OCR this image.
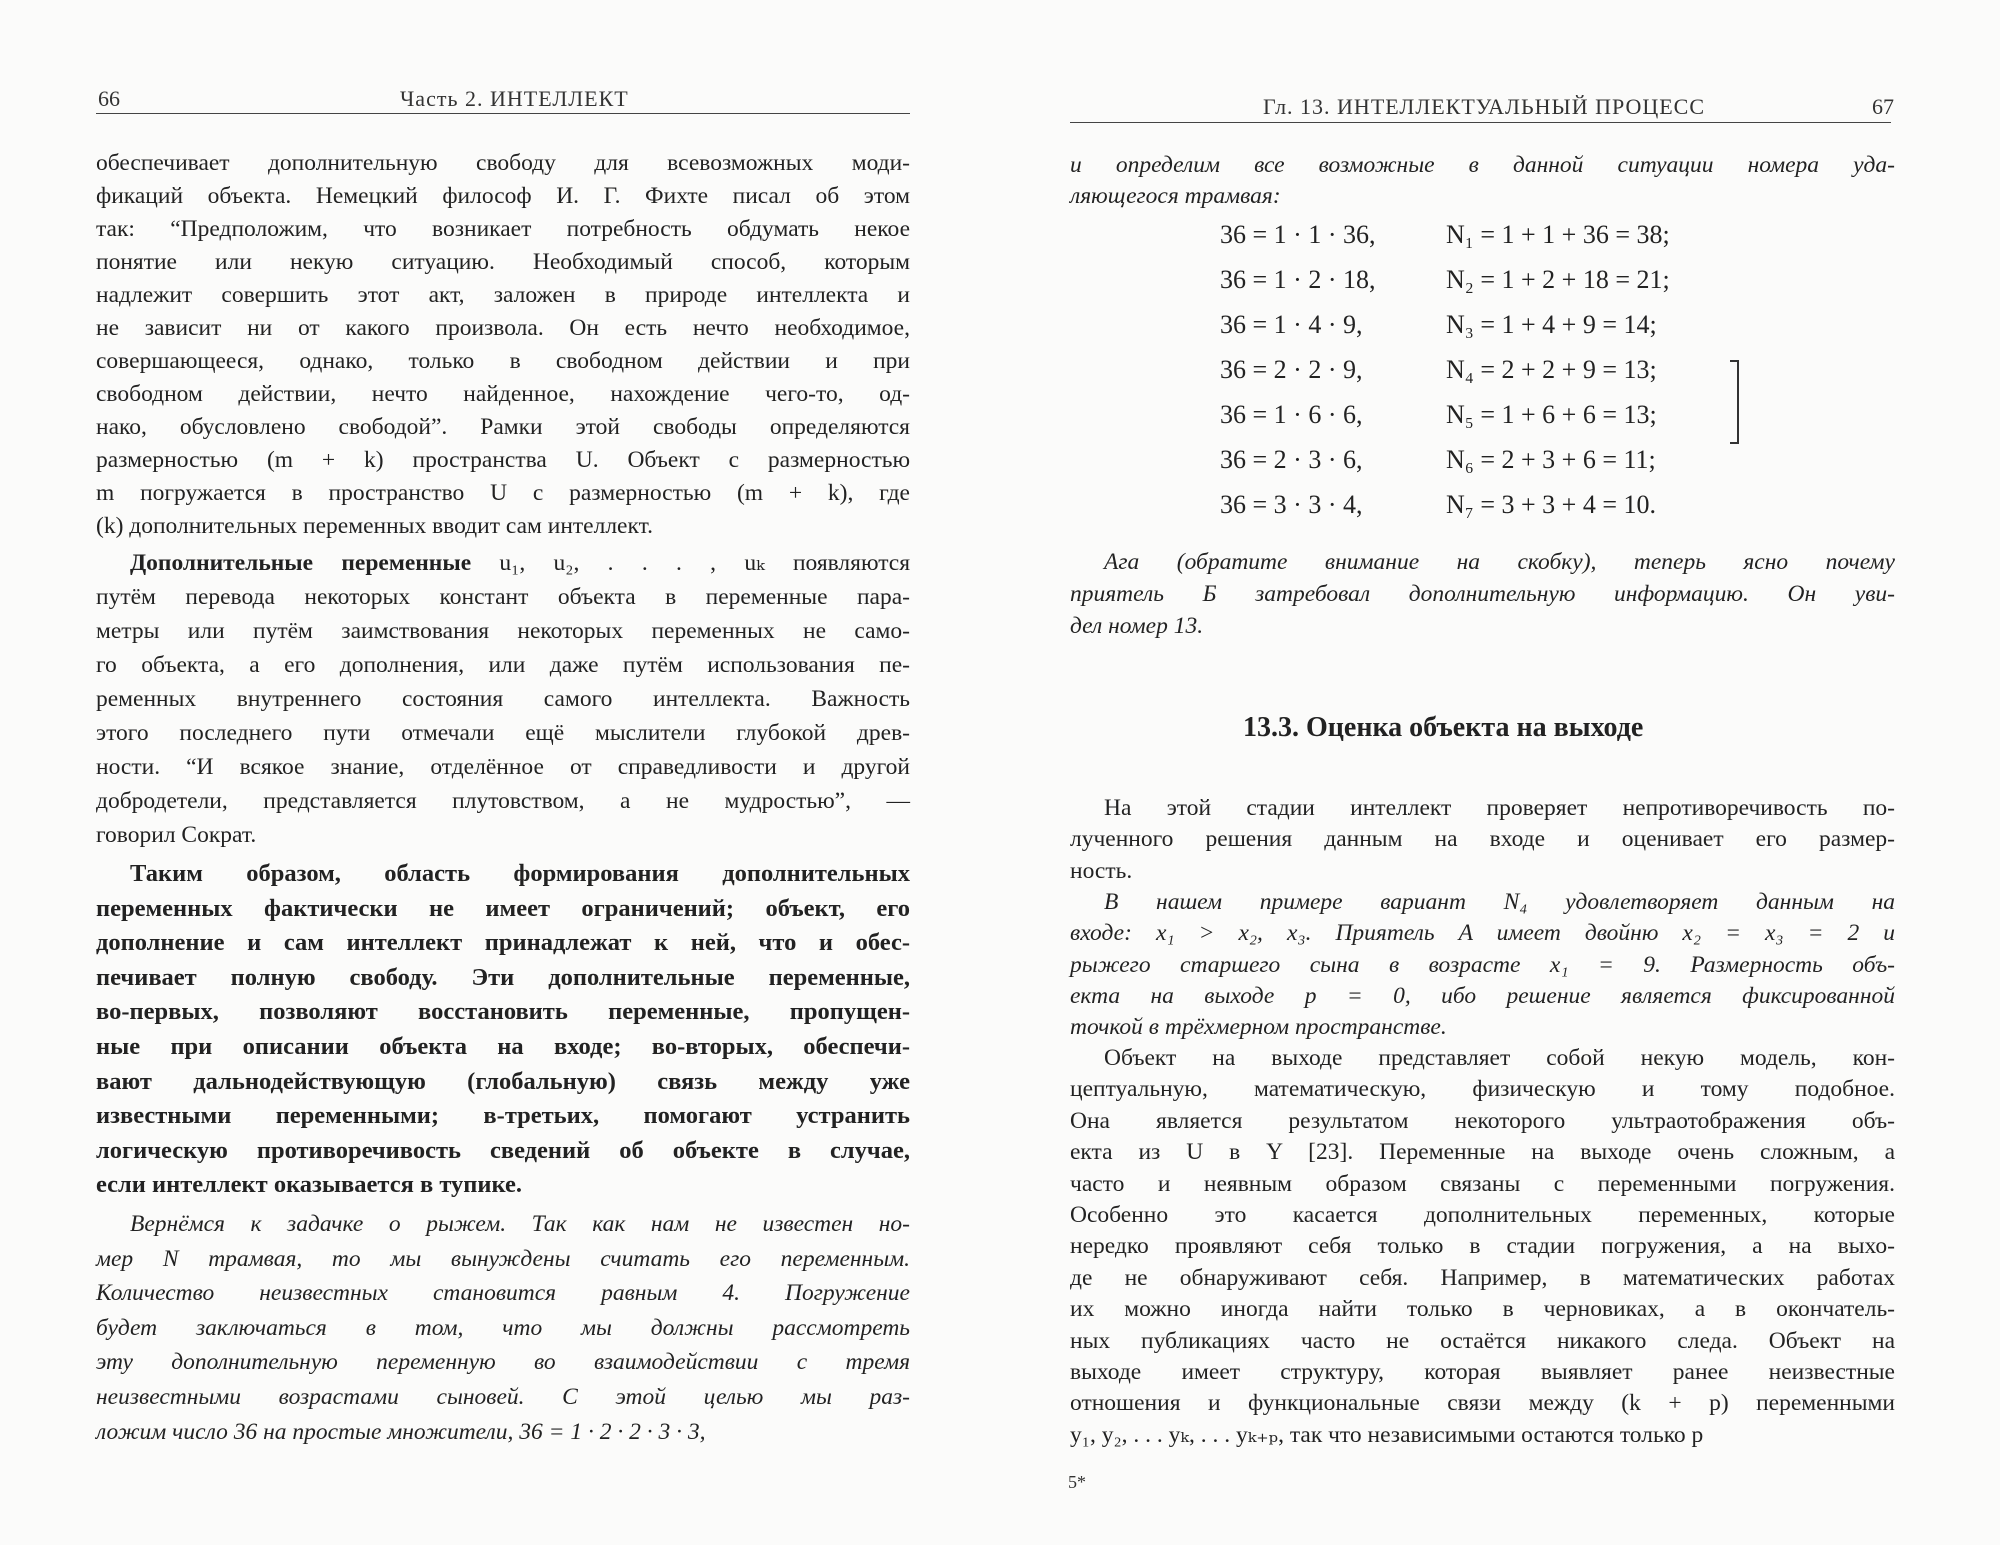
66	Часть 2. ИНТЕЛЛЕКТ
обеспечивает дополнительную свободу для всевозможных моди-
фикаций объекта. Немецкий философ И. Г. Фихте писал об этом
так: “Предположим, что возникает потребность обдумать некое
понятие или некую ситуацию. Необходимый способ, которым
надлежит совершить этот акт, заложен в природе интеллекта и
не зависит ни от какого произвола. Он есть нечто необходимое,
совершающееся, однако, только в свободном действии и при
свободном действии, нечто найденное, нахождение чего-то, од-
нако, обусловлено свободой”. Рамки этой свободы определяются
размерностью (m + k) пространства U. Объект с размерностью
m погружается в пространство U с размерностью (m + k), где
(k) дополнительных переменных вводит сам интеллект.
Дополнительные переменные u₁, u₂, . . . , uₖ появляются
путём перевода некоторых констант объекта в переменные пара-
метры или путём заимствования некоторых переменных не само-
го объекта, а его дополнения, или даже путём использования пе-
ременных внутреннего состояния самого интеллекта. Важность
этого последнего пути отмечали ещё мыслители глубокой древ-
ности. “И всякое знание, отделённое от справедливости и другой
добродетели, представляется плутовством, а не мудростью”, —
говорил Сократ.
Таким образом, область формирования дополнительных
переменных фактически не имеет ограничений; объект, его
дополнение и сам интеллект принадлежат к ней, что и обес-
печивает полную свободу. Эти дополнительные переменные,
во-первых, позволяют восстановить переменные, пропущен-
ные при описании объекта на входе; во-вторых, обеспечи-
вают дальнодействующую (глобальную) связь между уже
известными переменными; в-третьих, помогают устранить
логическую противоречивость сведений об объекте в случае,
если интеллект оказывается в тупике.
Вернёмся к задачке о рыжем. Так как нам не известен но-
мер N трамвая, то мы вынуждены считать его переменным.
Количество неизвестных становится равным 4. Погружение
будет заключаться в том, что мы должны рассмотреть
эту дополнительную переменную во взаимодействии с тремя
неизвестными возрастами сыновей. С этой целью мы раз-
ложим число 36 на простые множители, 36 = 1 · 2 · 2 · 3 · 3,
Гл. 13. ИНТЕЛЛЕКТУАЛЬНЫЙ ПРОЦЕСС	67
и определим все возможные в данной ситуации номера уда-
ляющегося трамвая:
36 = 1 · 1 · 36,	N₁ = 1 + 1 + 36 = 38;
36 = 1 · 2 · 18,	N₂ = 1 + 2 + 18 = 21;
36 = 1 · 4 · 9,	N₃ = 1 + 4 + 9 = 14;
36 = 2 · 2 · 9,	N₄ = 2 + 2 + 9 = 13;
36 = 1 · 6 · 6,	N₅ = 1 + 6 + 6 = 13;
36 = 2 · 3 · 6,	N₆ = 2 + 3 + 6 = 11;
36 = 3 · 3 · 4,	N₇ = 3 + 3 + 4 = 10.
Ага (обратите внимание на скобку), теперь ясно почему
приятель Б затребовал дополнительную информацию. Он уви-
дел номер 13.
13.3. Оценка объекта на выходе
На этой стадии интеллект проверяет непротиворечивость по-
лученного решения данным на входе и оценивает его размер-
ность.
В нашем примере вариант N₄ удовлетворяет данным на
входе: x₁ > x₂, x₃. Приятель A имеет двойню x₂ = x₃ = 2 и
рыжего старшего сына в возрасте x₁ = 9. Размерность объ-
екта на выходе p = 0, ибо решение является фиксированной
точкой в трёхмерном пространстве.
Объект на выходе представляет собой некую модель, кон-
цептуальную, математическую, физическую и тому подобное.
Она является результатом некоторого ультраотображения объ-
екта из U в Y [23]. Переменные на выходе очень сложным, а
часто и неявным образом связаны с переменными погружения.
Особенно это касается дополнительных переменных, которые
нередко проявляют себя только в стадии погружения, а на выхо-
де не обнаруживают себя. Например, в математических работах
их можно иногда найти только в черновиках, а в окончатель-
ных публикациях часто не остаётся никакого следа. Объект на
выходе имеет структуру, которая выявляет ранее неизвестные
отношения и функциональные связи между (k + p) переменными
y₁, y₂, . . . yₖ, . . . yₖ₊ₚ, так что независимыми остаются только p
5*
